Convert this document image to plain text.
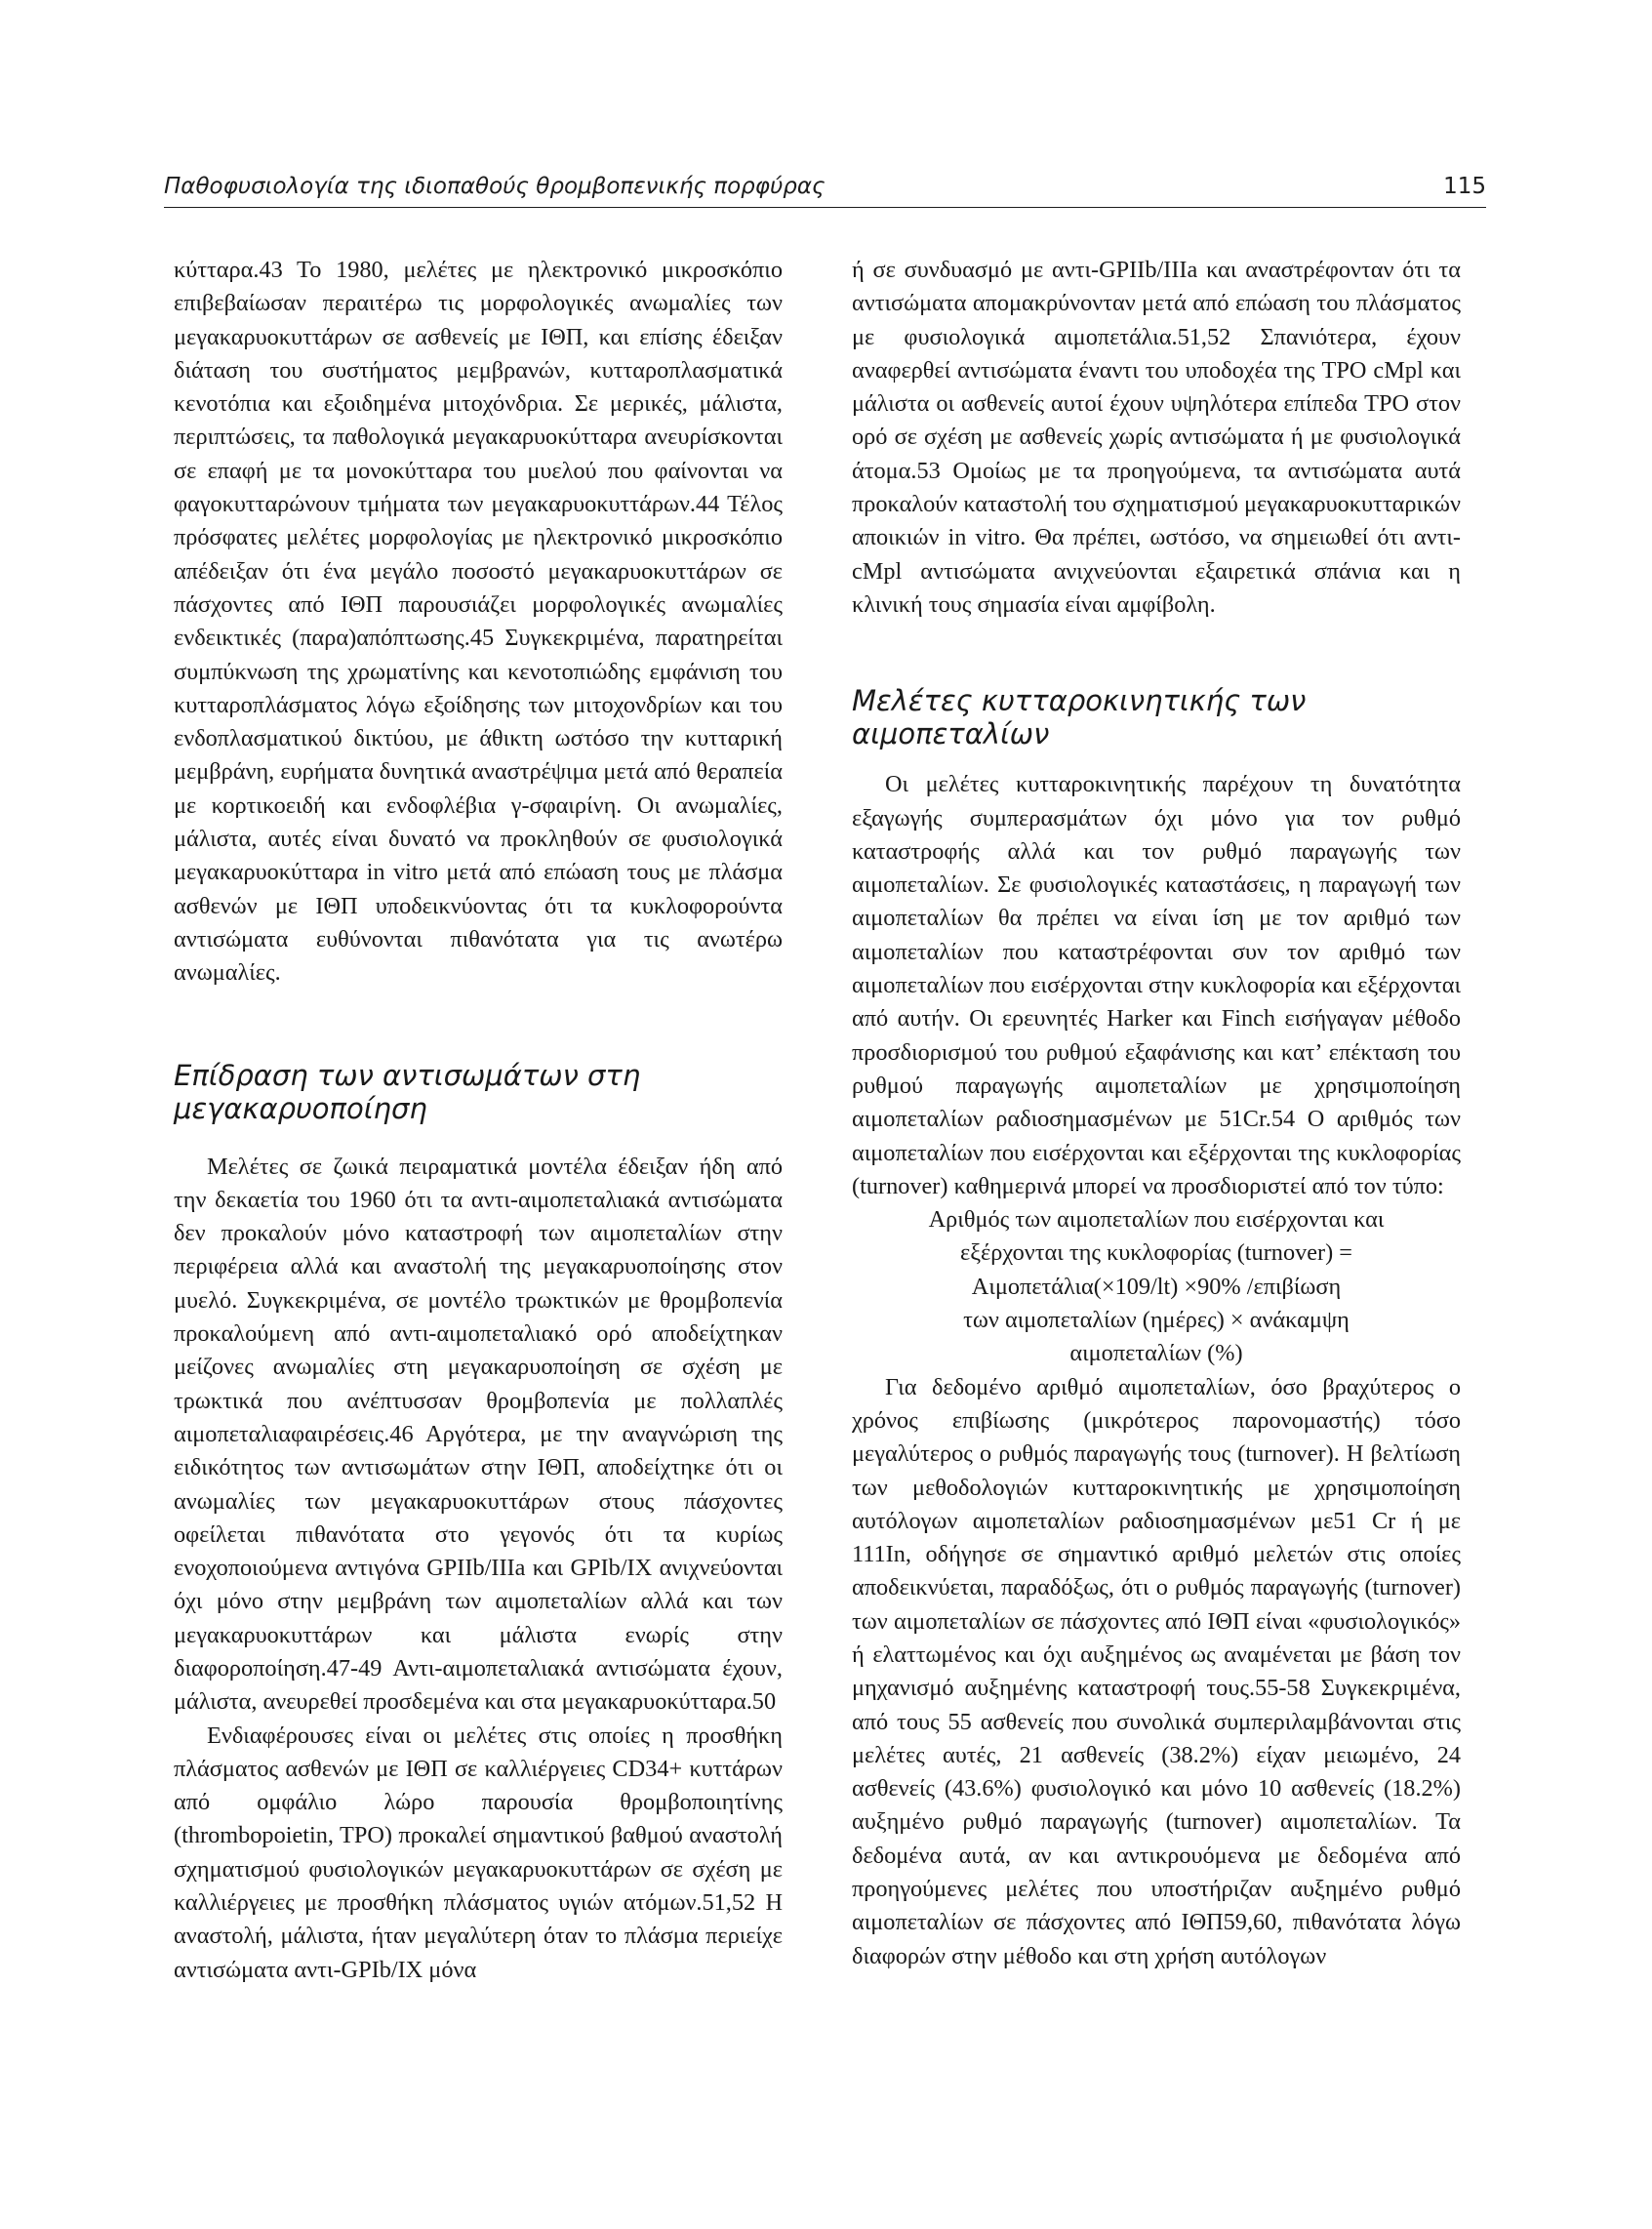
Παθοφυσιολογία της ιδιοπαθούς θρομβοπενικής πορφύρας	115

κύτταρα.43 Το 1980, μελέτες με ηλεκτρονικό μικροσκόπιο επιβεβαίωσαν περαιτέρω τις μορφολογικές ανωμαλίες των μεγακαρυοκυττάρων σε ασθενείς με ΙΘΠ, και επίσης έδειξαν διάταση του συστήματος μεμβρανών, κυτταροπλασματικά κενοτόπια και εξοιδημένα μιτοχόνδρια. Σε μερικές, μάλιστα, περιπτώσεις, τα παθολογικά μεγακαρυοκύτταρα ανευρίσκονται σε επαφή με τα μονοκύτταρα του μυελού που φαίνονται να φαγοκυτταρώνουν τμήματα των μεγακαρυοκυττάρων.44 Τέλος πρόσφατες μελέτες μορφολογίας με ηλεκτρονικό μικροσκόπιο απέδειξαν ότι ένα μεγάλο ποσοστό μεγακαρυοκυττάρων σε πάσχοντες από ΙΘΠ παρουσιάζει μορφολογικές ανωμαλίες ενδεικτικές (παρα)απόπτωσης.45 Συγκεκριμένα, παρατηρείται συμπύκνωση της χρωματίνης και κενοτοπιώδης εμφάνιση του κυτταροπλάσματος λόγω εξοίδησης των μιτοχονδρίων και του ενδοπλασματικού δικτύου, με άθικτη ωστόσο την κυτταρική μεμβράνη, ευρήματα δυνητικά αναστρέψιμα μετά από θεραπεία με κορτικοειδή και ενδοφλέβια γ-σφαιρίνη. Οι ανωμαλίες, μάλιστα, αυτές είναι δυνατό να προκληθούν σε φυσιολογικά μεγακαρυοκύτταρα in vitro μετά από επώαση τους με πλάσμα ασθενών με ΙΘΠ υποδεικνύοντας ότι τα κυκλοφορούντα αντισώματα ευθύνονται πιθανότατα για τις ανωτέρω ανωμαλίες.

Επίδραση των αντισωμάτων στη μεγακαρυοποίηση

Μελέτες σε ζωικά πειραματικά μοντέλα έδειξαν ήδη από την δεκαετία του 1960 ότι τα αντι-αιμοπεταλιακά αντισώματα δεν προκαλούν μόνο καταστροφή των αιμοπεταλίων στην περιφέρεια αλλά και αναστολή της μεγακαρυοποίησης στον μυελό. Συγκεκριμένα, σε μοντέλο τρωκτικών με θρομβοπενία προκαλούμενη από αντι-αιμοπεταλιακό ορό αποδείχτηκαν μείζονες ανωμαλίες στη μεγακαρυοποίηση σε σχέση με τρωκτικά που ανέπτυσσαν θρομβοπενία με πολλαπλές αιμοπεταλιαφαιρέσεις.46 Αργότερα, με την αναγνώριση της ειδικότητος των αντισωμάτων στην ΙΘΠ, αποδείχτηκε ότι οι ανωμαλίες των μεγακαρυοκυττάρων στους πάσχοντες οφείλεται πιθανότατα στο γεγονός ότι τα κυρίως ενοχοποιούμενα αντιγόνα GPIIb/IIIa και GPIb/IX ανιχνεύονται όχι μόνο στην μεμβράνη των αιμοπεταλίων αλλά και των μεγακαρυοκυττάρων και μάλιστα ενωρίς στην διαφοροποίηση.47-49 Αντι-αιμοπεταλιακά αντισώματα έχουν, μάλιστα, ανευρεθεί προσδεμένα και στα μεγακαρυοκύτταρα.50

Ενδιαφέρουσες είναι οι μελέτες στις οποίες η προσθήκη πλάσματος ασθενών με ΙΘΠ σε καλλιέργειες CD34+ κυττάρων από ομφάλιο λώρο παρουσία θρομβοποιητίνης (thrombopoietin, TPO) προκαλεί σημαντικού βαθμού αναστολή σχηματισμού φυσιολογικών μεγακαρυοκυττάρων σε σχέση με καλλιέργειες με προσθήκη πλάσματος υγιών ατόμων.51,52 Η αναστολή, μάλιστα, ήταν μεγαλύτερη όταν το πλάσμα περιείχε αντισώματα αντι-GPIb/IX μόνα

ή σε συνδυασμό με αντι-GPIIb/IIIa και αναστρέφονταν ότι τα αντισώματα απομακρύνονταν μετά από επώαση του πλάσματος με φυσιολογικά αιμοπετάλια.51,52 Σπανιότερα, έχουν αναφερθεί αντισώματα έναντι του υποδοχέα της TPO cMpl και μάλιστα οι ασθενείς αυτοί έχουν υψηλότερα επίπεδα TPO στον ορό σε σχέση με ασθενείς χωρίς αντισώματα ή με φυσιολογικά άτομα.53 Ομοίως με τα προηγούμενα, τα αντισώματα αυτά προκαλούν καταστολή του σχηματισμού μεγακαρυοκυτταρικών αποικιών in vitro. Θα πρέπει, ωστόσο, να σημειωθεί ότι αντι-cMpl αντισώματα ανιχνεύονται εξαιρετικά σπάνια και η κλινική τους σημασία είναι αμφίβολη.

Μελέτες κυτταροκινητικής των αιμοπεταλίων

Οι μελέτες κυτταροκινητικής παρέχουν τη δυνατότητα εξαγωγής συμπερασμάτων όχι μόνο για τον ρυθμό καταστροφής αλλά και τον ρυθμό παραγωγής των αιμοπεταλίων. Σε φυσιολογικές καταστάσεις, η παραγωγή των αιμοπεταλίων θα πρέπει να είναι ίση με τον αριθμό των αιμοπεταλίων που καταστρέφονται συν τον αριθμό των αιμοπεταλίων που εισέρχονται στην κυκλοφορία και εξέρχονται από αυτήν. Οι ερευνητές Harker και Finch εισήγαγαν μέθοδο προσδιορισμού του ρυθμού εξαφάνισης και κατ’ επέκταση του ρυθμού παραγωγής αιμοπεταλίων με χρησιμοποίηση αιμοπεταλίων ραδιοσημασμένων με 51Cr.54 Ο αριθμός των αιμοπεταλίων που εισέρχονται και εξέρχονται της κυκλοφορίας (turnover) καθημερινά μπορεί να προσδιοριστεί από τον τύπο:

Αριθμός των αιμοπεταλίων που εισέρχονται και
εξέρχονται της κυκλοφορίας (turnover) =
Αιμοπετάλια(×109/lt) ×90% /επιβίωση
των αιμοπεταλίων (ημέρες) × ανάκαμψη
αιμοπεταλίων (%)

Για δεδομένο αριθμό αιμοπεταλίων, όσο βραχύτερος ο χρόνος επιβίωσης (μικρότερος παρονομαστής) τόσο μεγαλύτερος ο ρυθμός παραγωγής τους (turnover). Η βελτίωση των μεθοδολογιών κυτταροκινητικής με χρησιμοποίηση αυτόλογων αιμοπεταλίων ραδιοσημασμένων με51 Cr ή με 111In, οδήγησε σε σημαντικό αριθμό μελετών στις οποίες αποδεικνύεται, παραδόξως, ότι ο ρυθμός παραγωγής (turnover) των αιμοπεταλίων σε πάσχοντες από ΙΘΠ είναι «φυσιολογικός» ή ελαττωμένος και όχι αυξημένος ως αναμένεται με βάση τον μηχανισμό αυξημένης καταστροφή τους.55-58 Συγκεκριμένα, από τους 55 ασθενείς που συνολικά συμπεριλαμβάνονται στις μελέτες αυτές, 21 ασθενείς (38.2%) είχαν μειωμένο, 24 ασθενείς (43.6%) φυσιολογικό και μόνο 10 ασθενείς (18.2%) αυξημένο ρυθμό παραγωγής (turnover) αιμοπεταλίων. Τα δεδομένα αυτά, αν και αντικρουόμενα με δεδομένα από προηγούμενες μελέτες που υποστήριζαν αυξημένο ρυθμό αιμοπεταλίων σε πάσχοντες από ΙΘΠ59,60, πιθανότατα λόγω διαφορών στην μέθοδο και στη χρήση αυτόλογων
